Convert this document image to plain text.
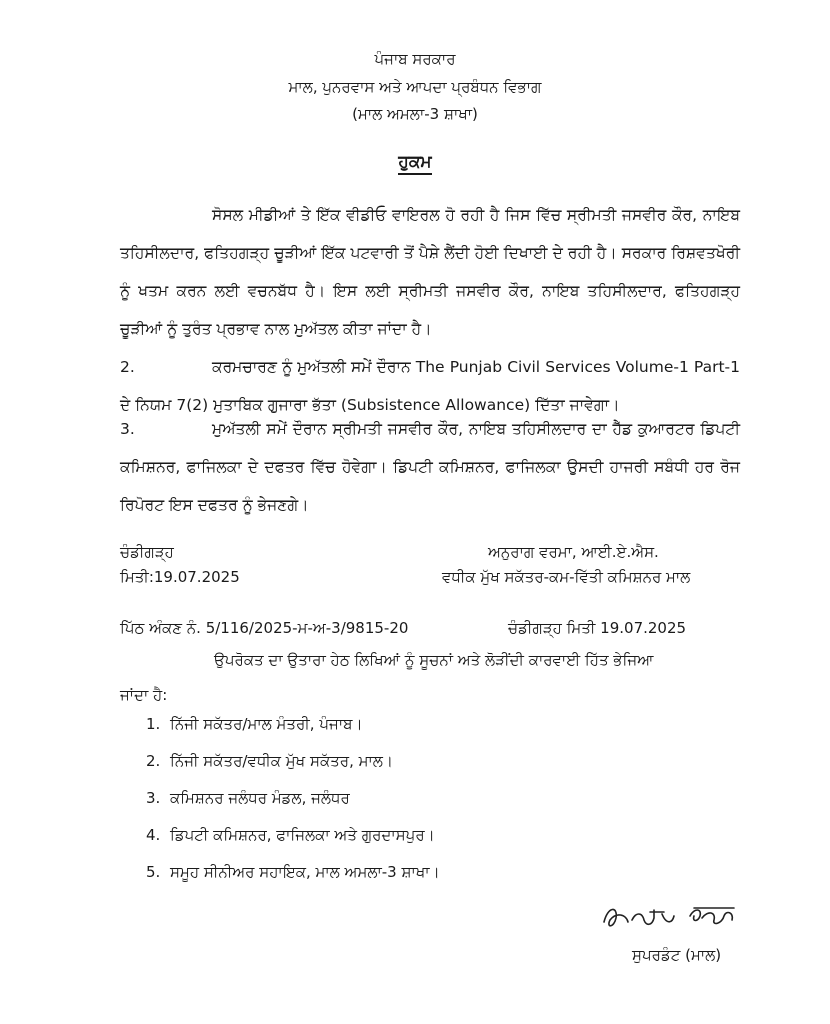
ਪੰਜਾਬ ਸਰਕਾਰ
ਮਾਲ, ਪੁਨਰਵਾਸ ਅਤੇ ਆਪਦਾ ਪ੍ਰਬੰਧਨ ਵਿਭਾਗ
(ਮਾਲ ਅਮਲਾ-3 ਸ਼ਾਖਾ)
ਹੁਕਮ
ਸੋਸਲ ਮੀਡੀਆਂ ਤੇ ਇੱਕ ਵੀਡੀਓ ਵਾਇਰਲ ਹੋ ਰਹੀ ਹੈ ਜਿਸ ਵਿੱਚ ਸ੍ਰੀਮਤੀ ਜਸਵੀਰ ਕੌਰ, ਨਾਇਬ ਤਹਿਸੀਲਦਾਰ, ਫਤਿਹਗੜ੍ਹ ਚੂੜੀਆਂ ਇੱਕ ਪਟਵਾਰੀ ਤੋਂ ਪੈਸ਼ੇ ਲੈਂਦੀ ਹੋਈ ਦਿਖਾਈ ਦੇ ਰਹੀ ਹੈ। ਸਰਕਾਰ ਰਿਸ਼ਵਤਖੋਰੀ ਨੂੰ ਖਤਮ ਕਰਨ ਲਈ ਵਚਨਬੱਧ ਹੈ। ਇਸ ਲਈ ਸ੍ਰੀਮਤੀ ਜਸਵੀਰ ਕੌਰ, ਨਾਇਬ ਤਹਿਸੀਲਦਾਰ, ਫਤਿਹਗੜ੍ਹ ਚੂੜੀਆਂ ਨੂੰ ਤੁਰੰਤ ਪ੍ਰਭਾਵ ਨਾਲ ਮੁਅੱਤਲ ਕੀਤਾ ਜਾਂਦਾ ਹੈ।
2.	ਕਰਮਚਾਰਣ ਨੂੰ ਮੁਅੱਤਲੀ ਸਮੇਂ ਦੌਰਾਨ The Punjab Civil Services Volume-1 Part-1 ਦੇ ਨਿਯਮ 7(2) ਮੁਤਾਬਿਕ ਗੁਜਾਰਾ ਭੱਤਾ (Subsistence Allowance) ਦਿੱਤਾ ਜਾਵੇਗਾ।
3.	ਮੁਅੱਤਲੀ ਸਮੇਂ ਦੌਰਾਨ ਸ੍ਰੀਮਤੀ ਜਸਵੀਰ ਕੌਰ, ਨਾਇਬ ਤਹਿਸੀਲਦਾਰ ਦਾ ਹੈੱਡ ਕੁਆਰਟਰ ਡਿਪਟੀ ਕਮਿਸ਼ਨਰ, ਫਾਜਿਲਕਾ ਦੇ ਦਫਤਰ ਵਿੱਚ ਹੋਵੇਗਾ। ਡਿਪਟੀ ਕਮਿਸ਼ਨਰ, ਫਾਜਿਲਕਾ ਉਸਦੀ ਹਾਜਰੀ ਸਬੰਧੀ ਹਰ ਰੋਜ ਰਿਪੋਰਟ ਇਸ ਦਫਤਰ ਨੂੰ ਭੇਜਣਗੇ।
ਚੰਡੀਗੜ੍ਹ
ਮਿਤੀ:19.07.2025
ਅਨੁਰਾਗ ਵਰਮਾ, ਆਈ.ਏ.ਐਸ.
ਵਧੀਕ ਮੁੱਖ ਸਕੱਤਰ-ਕਮ-ਵਿੱਤੀ ਕਮਿਸ਼ਨਰ ਮਾਲ
ਪਿੱਠ ਅੰਕਣ ਨੰ. 5/116/2025-ਮ-ਅ-3/9815-20	ਚੰਡੀਗੜ੍ਹ ਮਿਤੀ 19.07.2025
ਉਪਰੋਕਤ ਦਾ ਉਤਾਰਾ ਹੇਠ ਲਿਖਿਆਂ ਨੂੰ ਸੂਚਨਾਂ ਅਤੇ ਲੋੜੀਂਦੀ ਕਾਰਵਾਈ ਹਿੱਤ ਭੇਜਿਆ
ਜਾਂਦਾ ਹੈ:
1. ਨਿੱਜੀ ਸਕੱਤਰ/ਮਾਲ ਮੰਤਰੀ, ਪੰਜਾਬ।
2. ਨਿੱਜੀ ਸਕੱਤਰ/ਵਧੀਕ ਮੁੱਖ ਸਕੱਤਰ, ਮਾਲ।
3. ਕਮਿਸ਼ਨਰ ਜਲੰਧਰ ਮੰਡਲ, ਜਲੰਧਰ
4. ਡਿਪਟੀ ਕਮਿਸ਼ਨਰ, ਫਾਜਿਲਕਾ ਅਤੇ ਗੁਰਦਾਸਪੁਰ।
5. ਸਮੂਹ ਸੀਨੀਅਰ ਸਹਾਇਕ, ਮਾਲ ਅਮਲਾ-3 ਸ਼ਾਖਾ।
ਸੁਪਰਡੰਟ (ਮਾਲ)
